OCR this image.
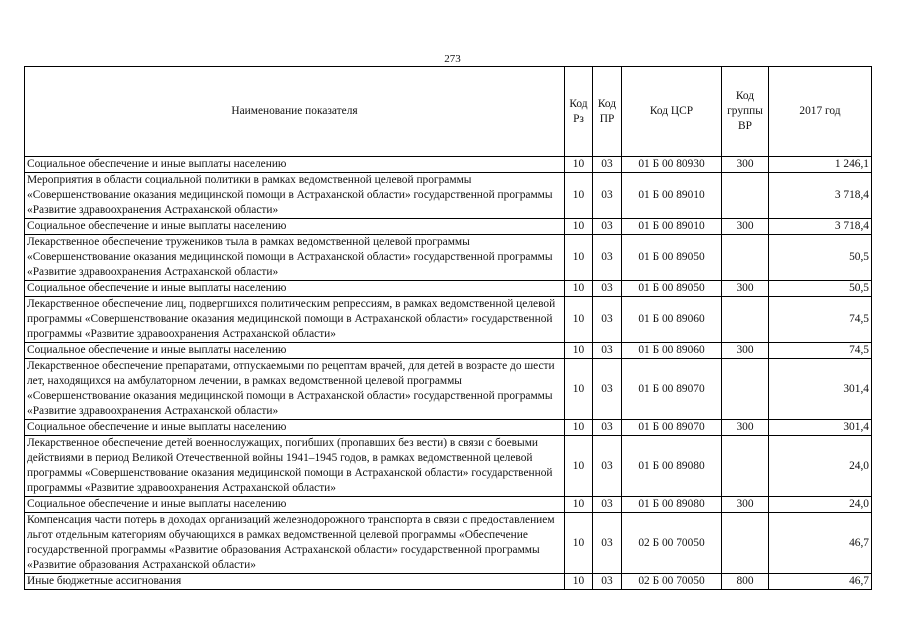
273
Наименование показателя	Код Рз	Код ПР	Код ЦСР	Код группы ВР	2017 год
Социальное обеспечение и иные выплаты населению	10	03	01 Б 00 80930	300	1 246,1
Мероприятия в области социальной политики в рамках ведомственной целевой программы «Совершенствование оказания медицинской помощи в Астраханской области» государственной программы «Развитие здравоохранения Астраханской области»	10	03	01 Б 00 89010		3 718,4
Социальное обеспечение и иные выплаты населению	10	03	01 Б 00 89010	300	3 718,4
Лекарственное обеспечение тружеников тыла в рамках ведомственной целевой программы «Совершенствование оказания медицинской помощи в Астраханской области» государственной программы «Развитие здравоохранения Астраханской области»	10	03	01 Б 00 89050		50,5
Социальное обеспечение и иные выплаты населению	10	03	01 Б 00 89050	300	50,5
Лекарственное обеспечение лиц, подвергшихся политическим репрессиям, в рамках ведомственной целевой программы «Совершенствование оказания медицинской помощи в Астраханской области» государственной программы «Развитие здравоохранения Астраханской области»	10	03	01 Б 00 89060		74,5
Социальное обеспечение и иные выплаты населению	10	03	01 Б 00 89060	300	74,5
Лекарственное обеспечение препаратами, отпускаемыми по рецептам врачей, для детей в возрасте до шести лет, находящихся на амбулаторном лечении, в рамках ведомственной целевой программы «Совершенствование оказания медицинской помощи в Астраханской области» государственной программы «Развитие здравоохранения Астраханской области»	10	03	01 Б 00 89070		301,4
Социальное обеспечение и иные выплаты населению	10	03	01 Б 00 89070	300	301,4
Лекарственное обеспечение детей военнослужащих, погибших (пропавших без вести) в связи с боевыми действиями в период Великой Отечественной войны 1941–1945 годов, в рамках ведомственной целевой программы «Совершенствование оказания медицинской помощи в Астраханской области» государственной программы «Развитие здравоохранения Астраханской области»	10	03	01 Б 00 89080		24,0
Социальное обеспечение и иные выплаты населению	10	03	01 Б 00 89080	300	24,0
Компенсация части потерь в доходах организаций железнодорожного транспорта в связи с предоставлением льгот отдельным категориям обучающихся в рамках ведомственной целевой программы «Обеспечение государственной программы «Развитие образования Астраханской области» государственной программы «Развитие образования Астраханской области»	10	03	02 Б 00 70050		46,7
Иные бюджетные ассигнования	10	03	02 Б 00 70050	800	46,7
